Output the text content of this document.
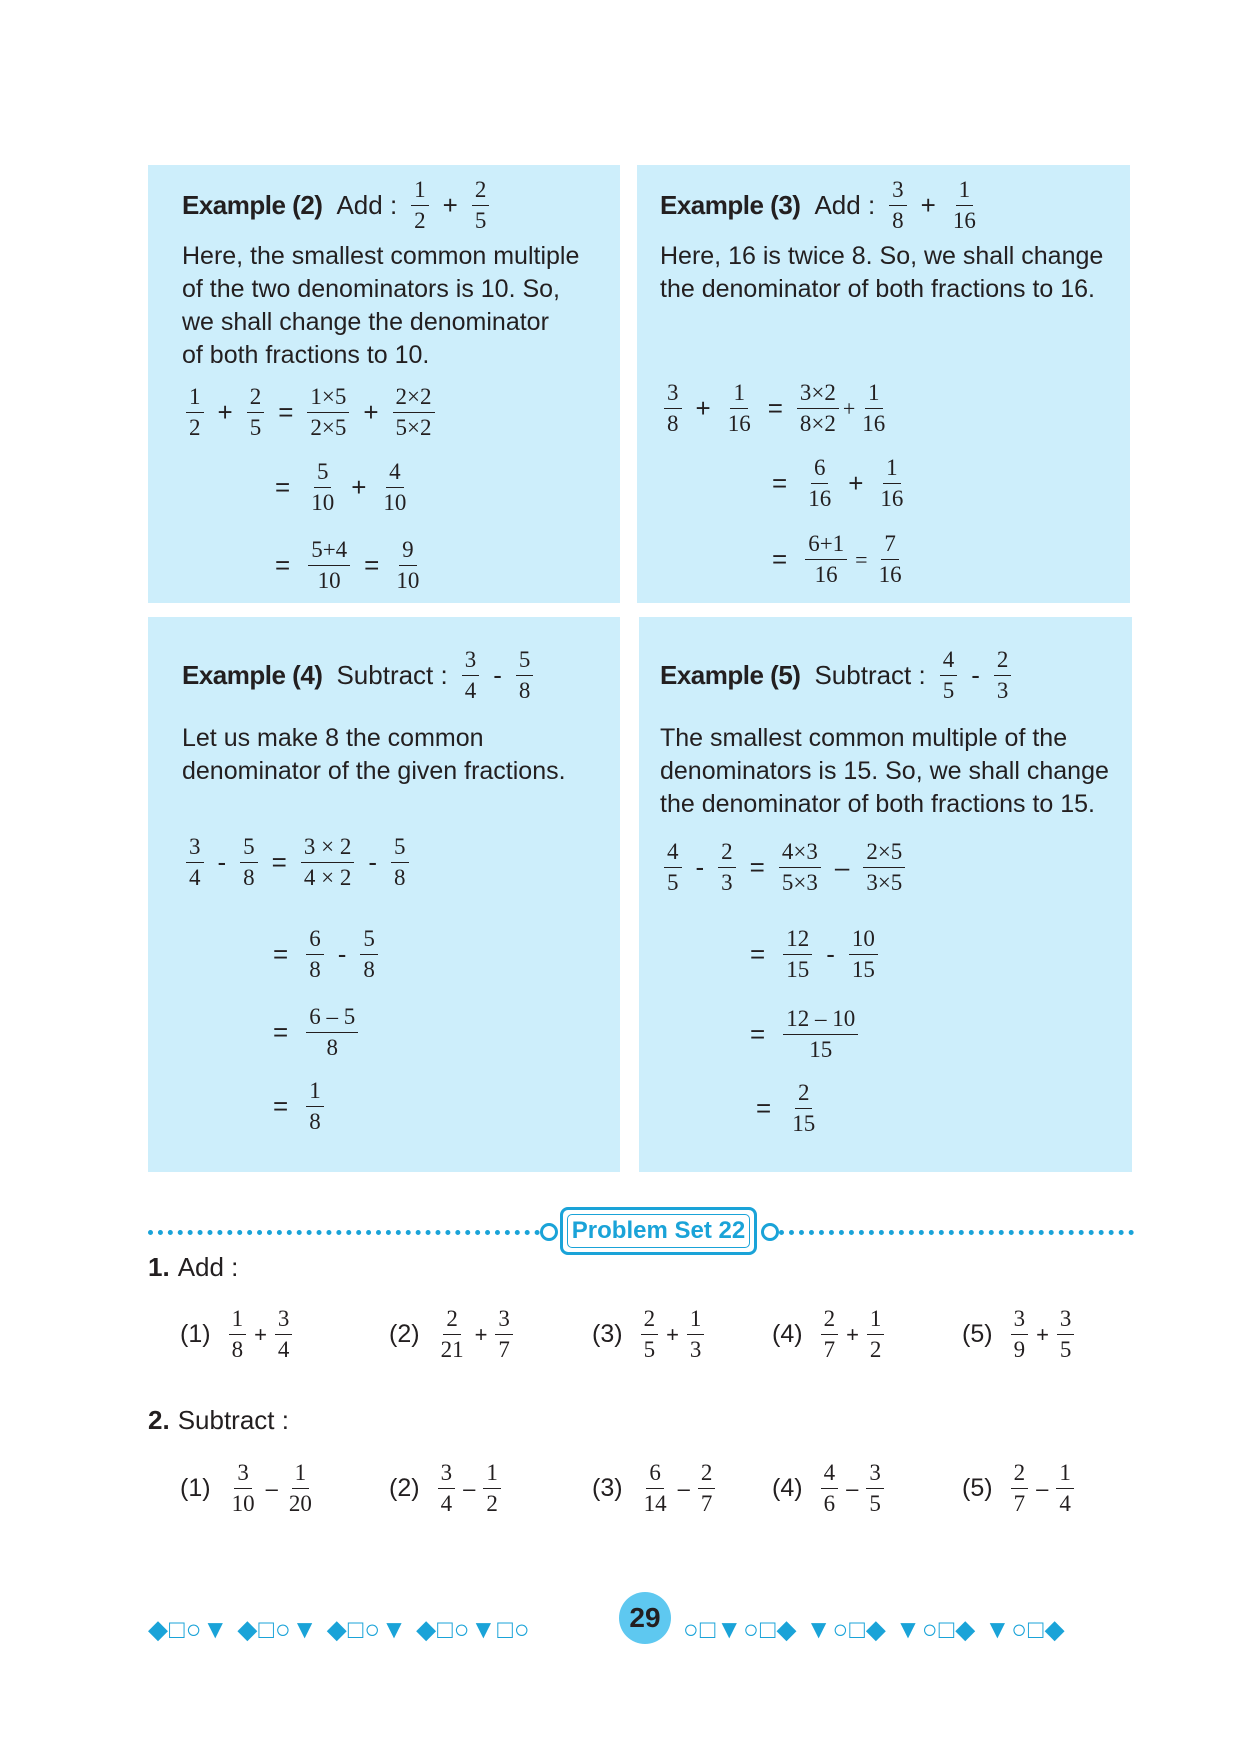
Example (2) Add : $\frac{1}{2} + \frac{2}{5}$
Here, the smallest common multiple
of the two denominators is 10. So,
we shall change the denominator
of both fractions to 10.
$\frac{1}{2} + \frac{2}{5} = \frac{1\times 5}{2\times 5} + \frac{2\times 2}{5\times 2}$
= $\frac{5}{10} + \frac{4}{10}$
= $\frac{5+4}{10} = \frac{9}{10}$
Example (3) Add : $\frac{3}{8} + \frac{1}{16}$
Here, 16 is twice 8. So, we shall change
the denominator of both fractions to 16.
$\frac{3}{8} + \frac{1}{16} = \frac{3\times 2}{8\times 2} + \frac{1}{16}$
= $\frac{6}{16} + \frac{1}{16}$
= $\frac{6+1}{16} = \frac{7}{16}$
Example (4) Subtract : $\frac{3}{4} - \frac{5}{8}$
Let us make 8 the common
denominator of the given fractions.
$\frac{3}{4} - \frac{5}{8} = \frac{3 \times 2}{4 \times 2} - \frac{5}{8}$
= $\frac{6}{8} - \frac{5}{8}$
= $\frac{6 - 5}{8}$
= $\frac{1}{8}$
Example (5) Subtract : $\frac{4}{5} - \frac{2}{3}$
The smallest common multiple of the
denominators is 15. So, we shall change
the denominator of both fractions to 15.
$\frac{4}{5} - \frac{2}{3} = \frac{4\times 3}{5\times 3} - \frac{2\times 5}{3\times 5}$
= $\frac{12}{15} - \frac{10}{15}$
= $\frac{12 - 10}{15}$
= $\frac{2}{15}$
Problem Set 22
1. Add :
$(1) \frac{1}{8} + \frac{3}{4}$	$(2) \frac{2}{21} + \frac{3}{7}$	$(3) \frac{2}{5} + \frac{1}{3}$	$(4) \frac{2}{7} + \frac{1}{2}$	$(5) \frac{3}{9} + \frac{3}{5}$
2. Subtract :
$(1) \frac{3}{10} - \frac{1}{20}$	$(2) \frac{3}{4} - \frac{1}{2}$	$(3) \frac{6}{14} - \frac{2}{7} (4) \frac{4}{6} - \frac{3}{5}$	$(5) \frac{2}{7} - \frac{1}{4}$
◆□○▼ ◆□○▼ ◆□○▼ ◆□○▼□○	29 ○□▼○□◆ ▼○□◆ ▼○□◆ ▼○□◆
